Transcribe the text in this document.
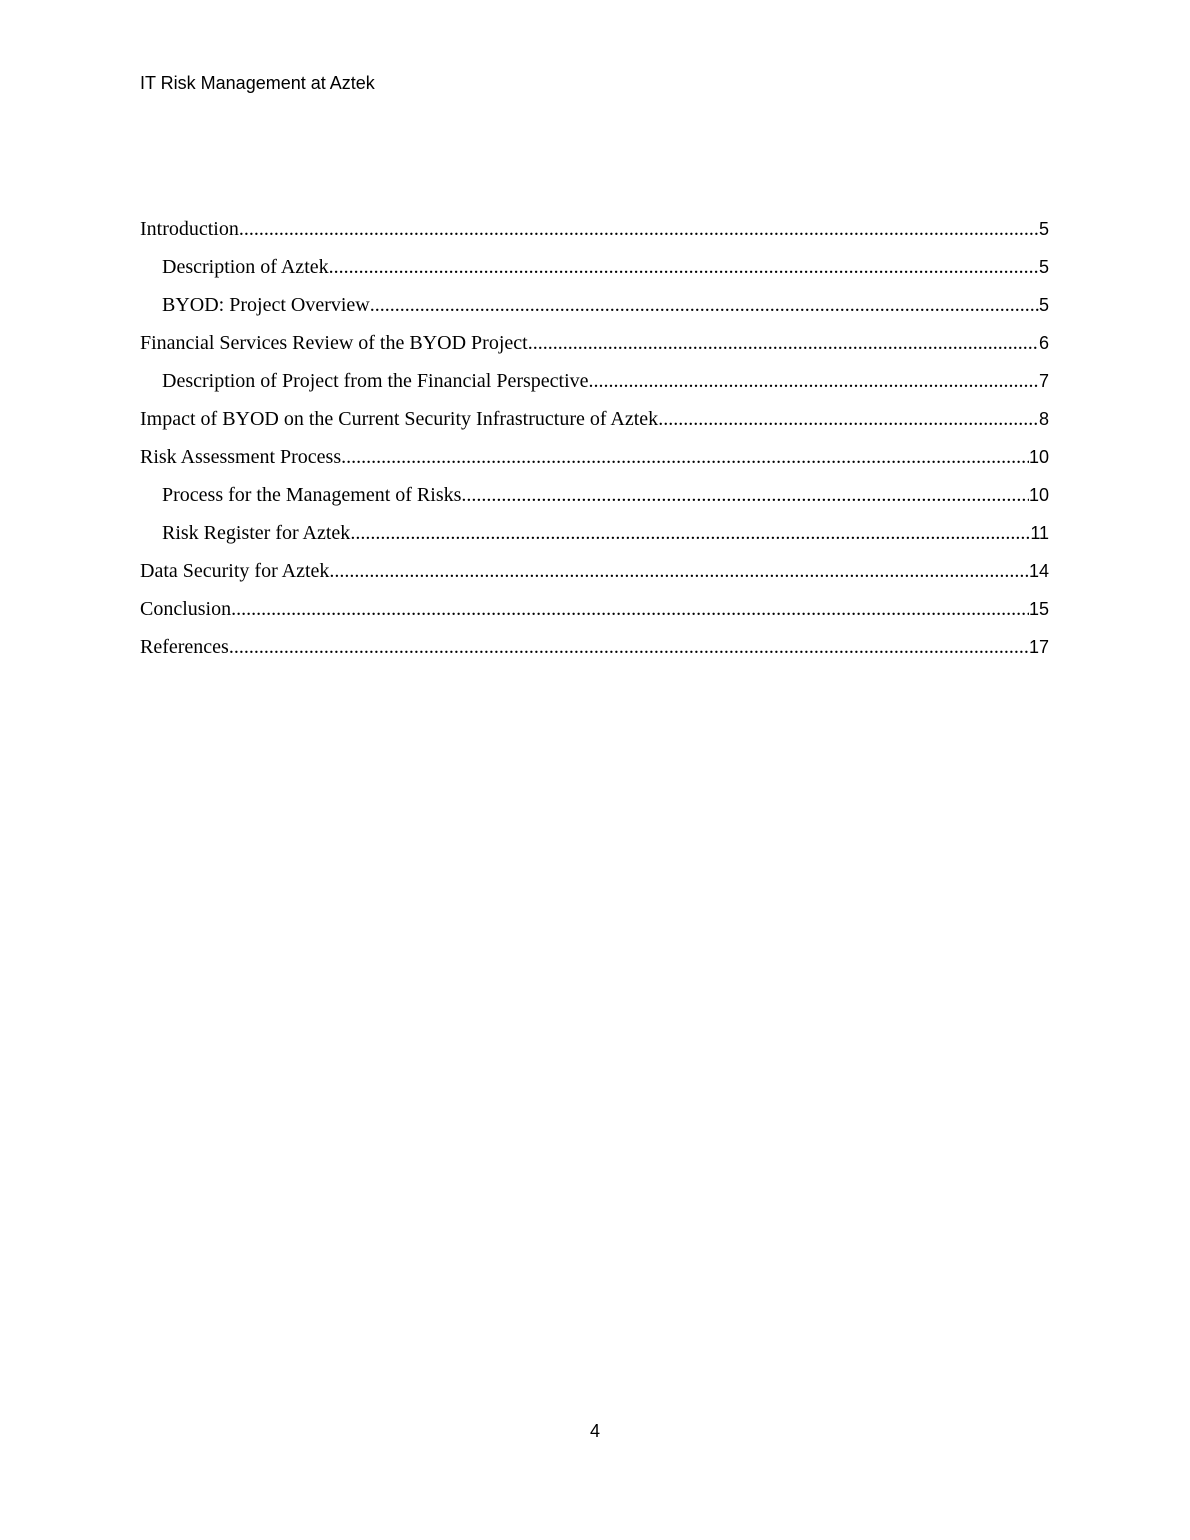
IT Risk Management at Aztek
Introduction .....	5
Description of Aztek .....	5
BYOD: Project Overview .....	5
Financial Services Review of the BYOD Project .....	6
Description of Project from the Financial Perspective .....	7
Impact of BYOD on the Current Security Infrastructure of Aztek .....	8
Risk Assessment Process .....	10
Process for the Management of Risks .....	10
Risk Register for Aztek .....	11
Data Security for Aztek .....	14
Conclusion .....	15
References .....	17
4
